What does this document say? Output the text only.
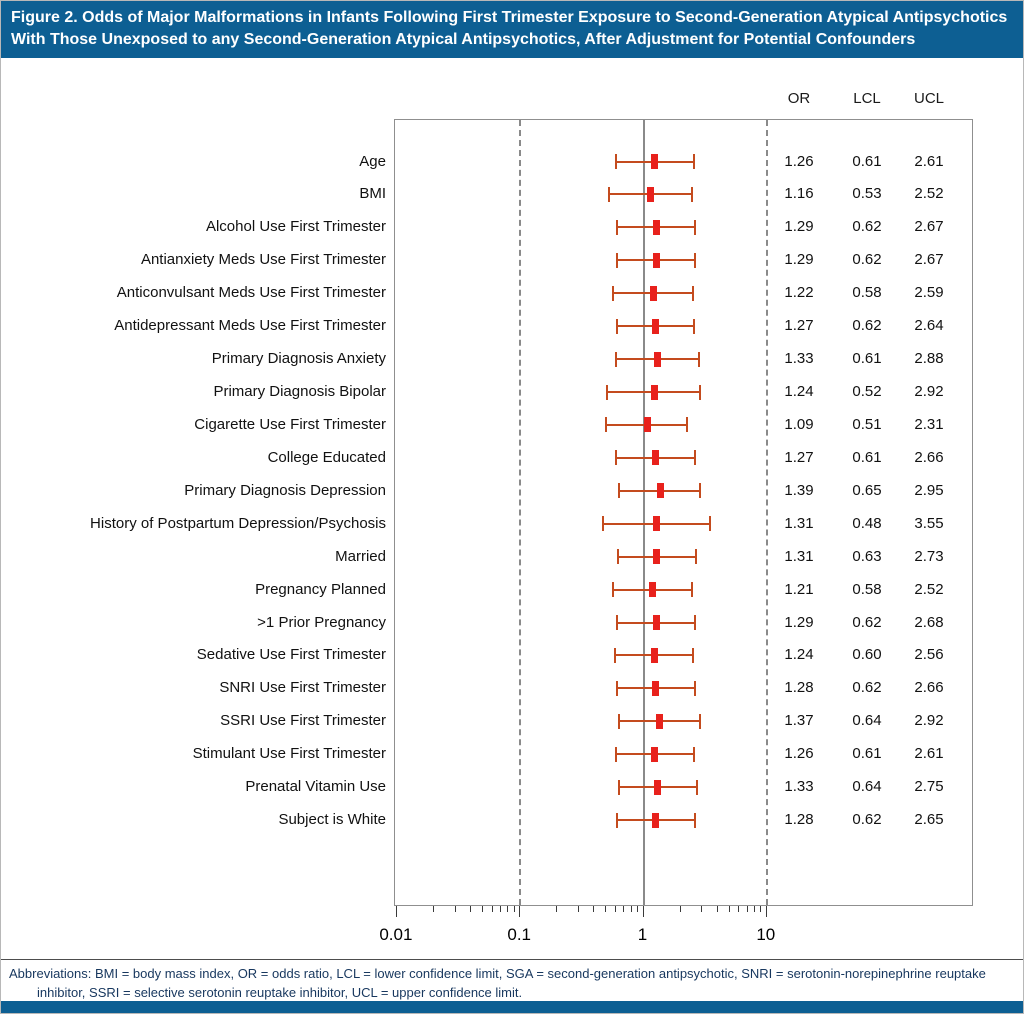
Figure 2. Odds of Major Malformations in Infants Following First Trimester Exposure to Second-Generation Atypical Antipsychotics With Those Unexposed to any Second-Generation Atypical Antipsychotics, After Adjustment for Potential Confounders
OR	LCL	UCL
Age	1.26	0.61	2.61
BMI	1.16	0.53	2.52
Alcohol Use First Trimester	1.29	0.62	2.67
Antianxiety Meds Use First Trimester	1.29	0.62	2.67
Anticonvulsant Meds Use First Trimester	1.22	0.58	2.59
Antidepressant Meds Use First Trimester	1.27	0.62	2.64
Primary Diagnosis Anxiety	1.33	0.61	2.88
Primary Diagnosis Bipolar	1.24	0.52	2.92
Cigarette Use First Trimester	1.09	0.51	2.31
College Educated	1.27	0.61	2.66
Primary Diagnosis Depression	1.39	0.65	2.95
History of Postpartum Depression/Psychosis	1.31	0.48	3.55
Married	1.31	0.63	2.73
Pregnancy Planned	1.21	0.58	2.52
>1 Prior Pregnancy	1.29	0.62	2.68
Sedative Use First Trimester	1.24	0.60	2.56
SNRI Use First Trimester	1.28	0.62	2.66
SSRI Use First Trimester	1.37	0.64	2.92
Stimulant Use First Trimester	1.26	0.61	2.61
Prenatal Vitamin Use	1.33	0.64	2.75
Subject is White	1.28	0.62	2.65
0.01	0.1	1	10
Abbreviations: BMI = body mass index, OR = odds ratio, LCL = lower confidence limit, SGA = second-generation antipsychotic, SNRI = serotonin-norepinephrine reuptake inhibitor, SSRI = selective serotonin reuptake inhibitor, UCL = upper confidence limit.
